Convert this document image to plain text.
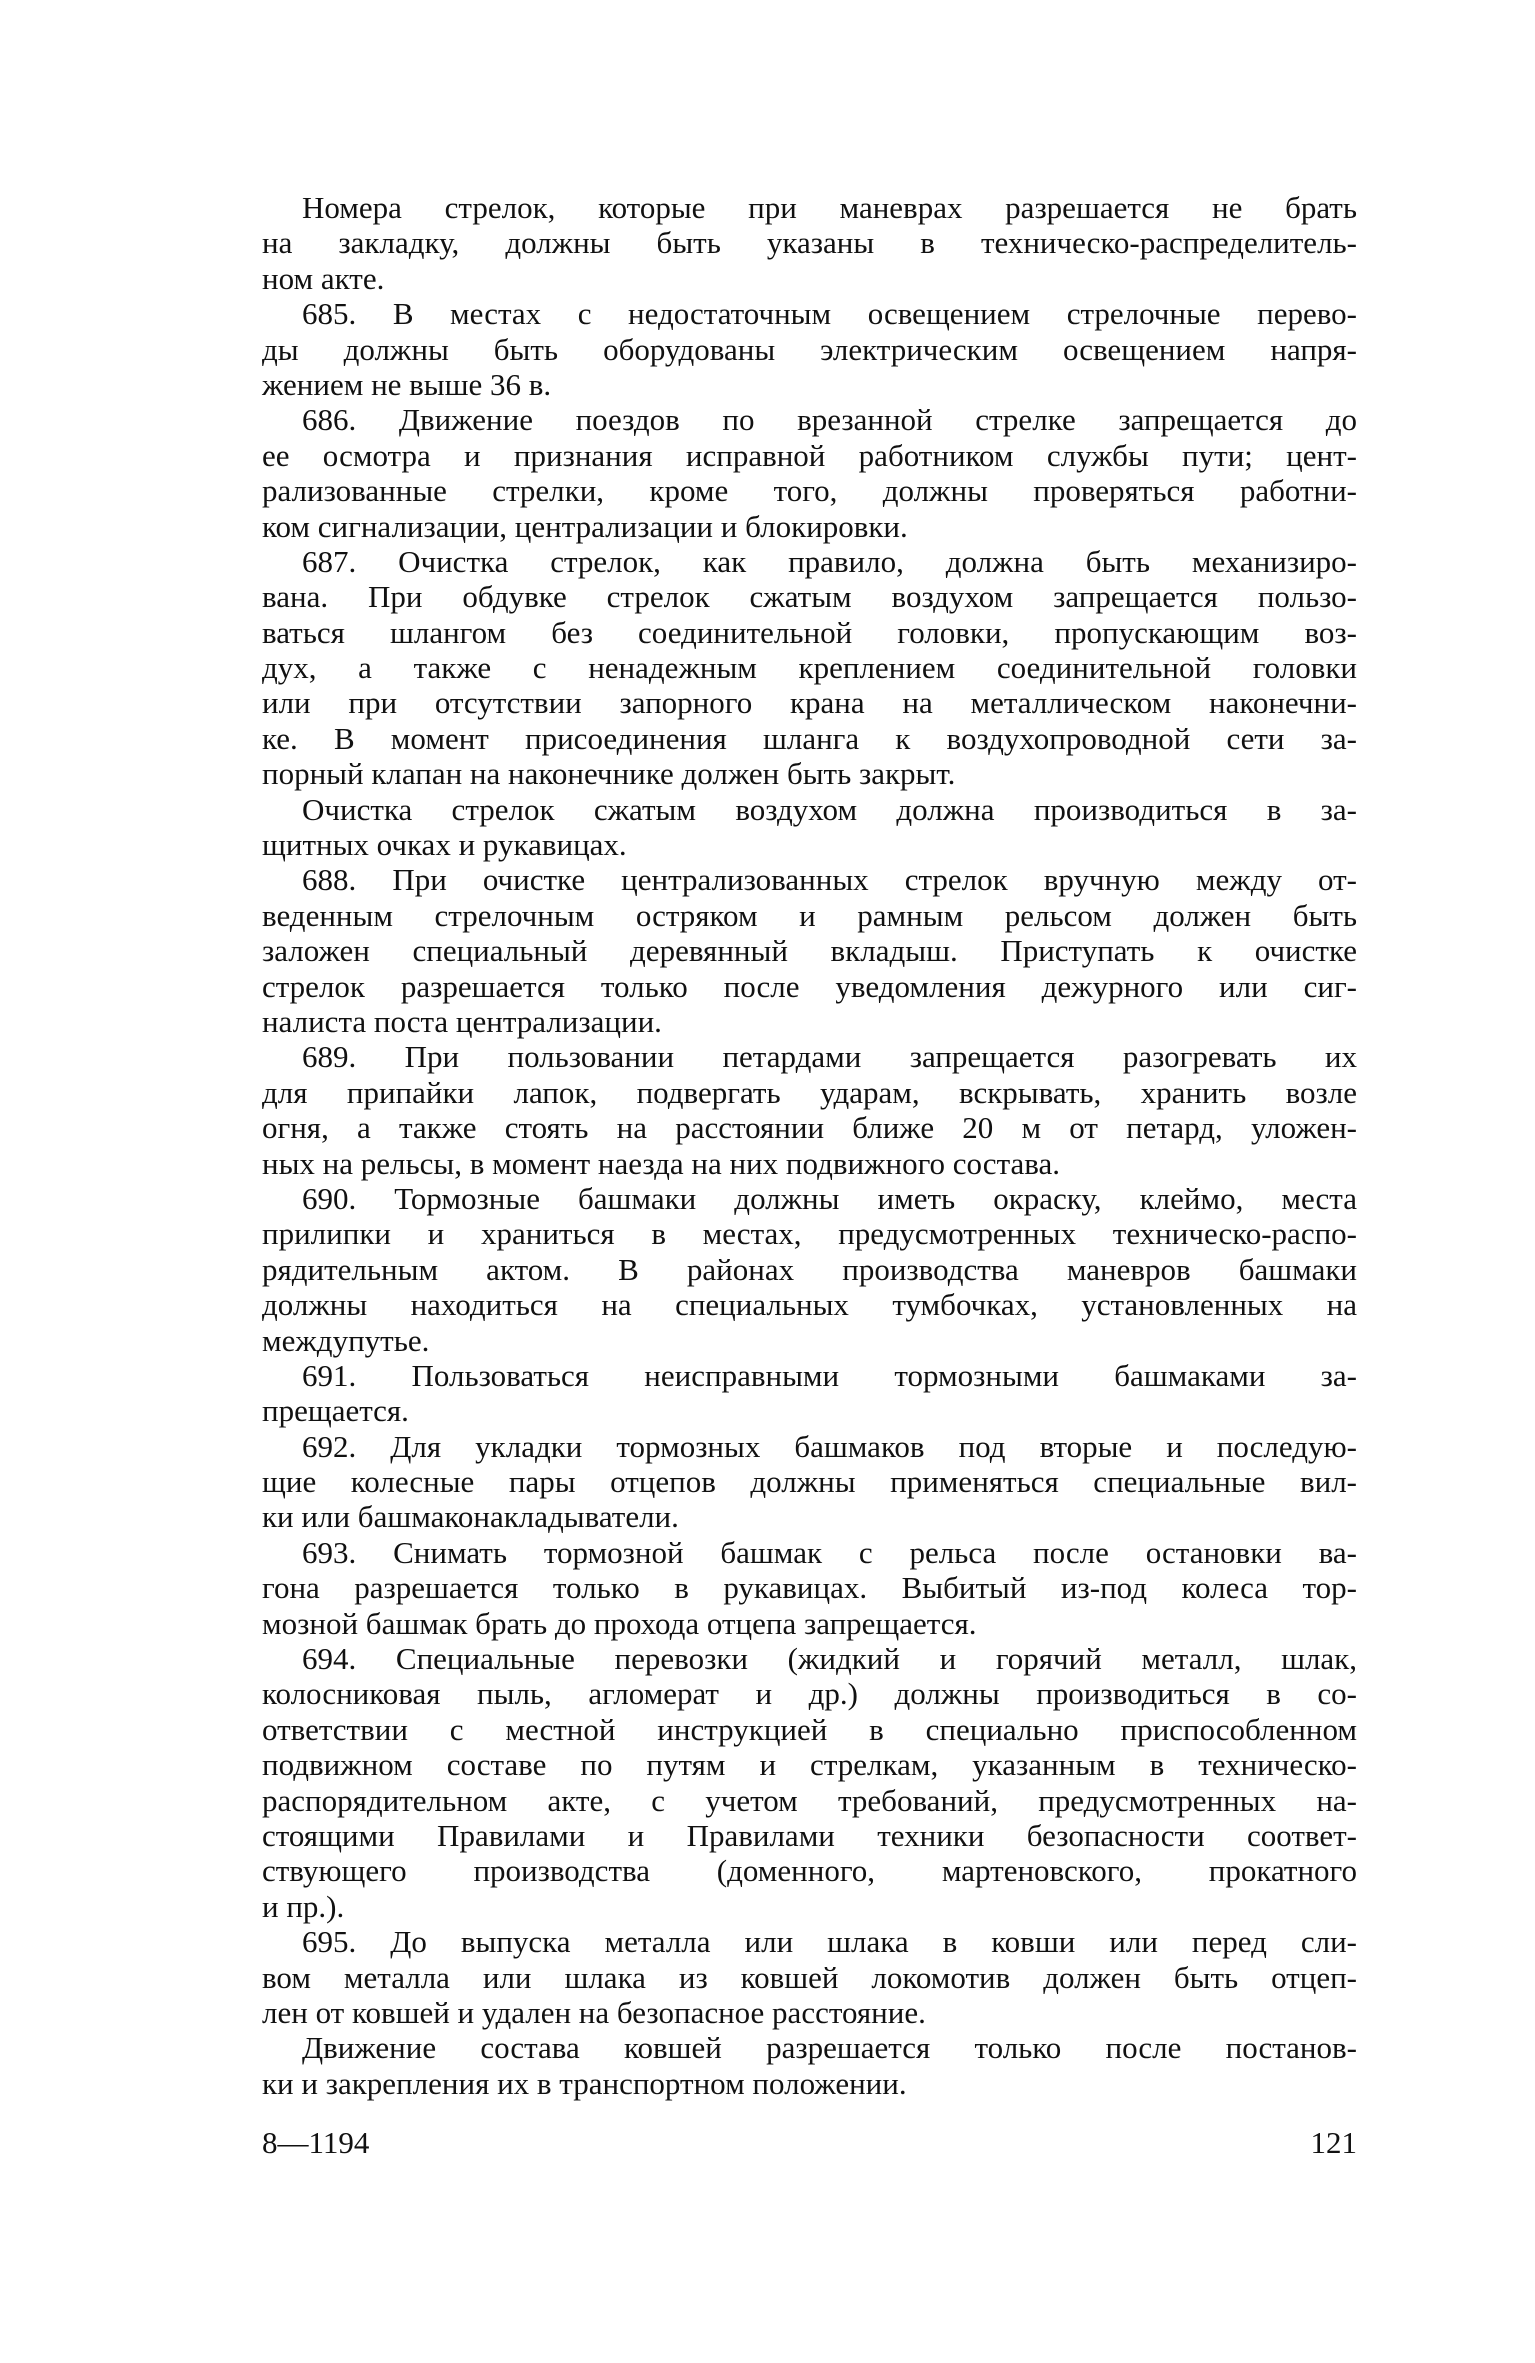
Номера стрелок, которые при маневрах разрешается не брать
на закладку, должны быть указаны в техническо-распределитель-
ном акте.
685. В местах с недостаточным освещением стрелочные перево-
ды должны быть оборудованы электрическим освещением напря-
жением не выше 36 в.
686. Движение поездов по врезанной стрелке запрещается до
ее осмотра и признания исправной работником службы пути; цент-
рализованные стрелки, кроме того, должны проверяться работни-
ком сигнализации, централизации и блокировки.
687. Очистка стрелок, как правило, должна быть механизиро-
вана. При обдувке стрелок сжатым воздухом запрещается пользо-
ваться шлангом без соединительной головки, пропускающим воз-
дух, а также с ненадежным креплением соединительной головки
или при отсутствии запорного крана на металлическом наконечни-
ке. В момент присоединения шланга к воздухопроводной сети за-
порный клапан на наконечнике должен быть закрыт.
Очистка стрелок сжатым воздухом должна производиться в за-
щитных очках и рукавицах.
688. При очистке централизованных стрелок вручную между от-
веденным стрелочным остряком и рамным рельсом должен быть
заложен специальный деревянный вкладыш. Приступать к очистке
стрелок разрешается только после уведомления дежурного или сиг-
налиста поста централизации.
689. При пользовании петардами запрещается разогревать их
для припайки лапок, подвергать ударам, вскрывать, хранить возле
огня, а также стоять на расстоянии ближе 20 м от петард, уложен-
ных на рельсы, в момент наезда на них подвижного состава.
690. Тормозные башмаки должны иметь окраску, клеймо, места
прилипки и храниться в местах, предусмотренных техническо-распо-
рядительным актом. В районах производства маневров башмаки
должны находиться на специальных тумбочках, установленных на
междупутье.
691. Пользоваться неисправными тормозными башмаками за-
прещается.
692. Для укладки тормозных башмаков под вторые и последую-
щие колесные пары отцепов должны применяться специальные вил-
ки или башмаконакладыватели.
693. Снимать тормозной башмак с рельса после остановки ва-
гона разрешается только в рукавицах. Выбитый из-под колеса тор-
мозной башмак брать до прохода отцепа запрещается.
694. Специальные перевозки (жидкий и горячий металл, шлак,
колосниковая пыль, агломерат и др.) должны производиться в со-
ответствии с местной инструкцией в специально приспособленном
подвижном составе по путям и стрелкам, указанным в техническо-
распорядительном акте, с учетом требований, предусмотренных на-
стоящими Правилами и Правилами техники безопасности соответ-
ствующего производства (доменного, мартеновского, прокатного
и пр.).
695. До выпуска металла или шлака в ковши или перед сли-
вом металла или шлака из ковшей локомотив должен быть отцеп-
лен от ковшей и удален на безопасное расстояние.
Движение состава ковшей разрешается только после постанов-
ки и закрепления их в транспортном положении.
8—1194	121
